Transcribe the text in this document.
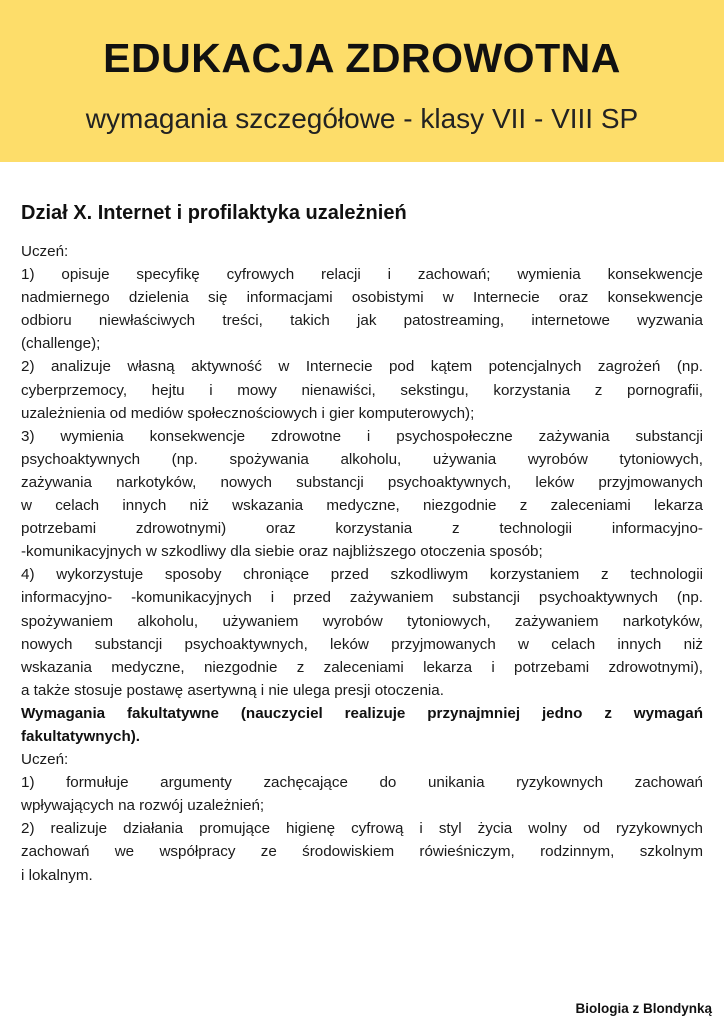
EDUKACJA ZDROWOTNA
wymagania szczegółowe - klasy VII - VIII SP
Dział X. Internet i profilaktyka uzależnień

Uczeń:

1) opisuje specyfikę cyfrowych relacji i zachowań; wymienia konsekwencje

nadmiernego dzielenia się informacjami osobistymi w Internecie oraz konsekwencje

odbioru niewłaściwych treści, takich jak patostreaming, internetowe wyzwania

(challenge);

2) analizuje własną aktywność w Internecie pod kątem potencjalnych zagrożeń (np.

cyberprzemocy, hejtu i mowy nienawiści, sekstingu, korzystania z pornografii,

uzależnienia od mediów społecznościowych i gier komputerowych);

3) wymienia konsekwencje zdrowotne i psychospołeczne zażywania substancji

psychoaktywnych (np. spożywania alkoholu, używania wyrobów tytoniowych,

zażywania narkotyków, nowych substancji psychoaktywnych, leków przyjmowanych

w celach innych niż wskazania medyczne, niezgodnie z zaleceniami lekarza

potrzebami zdrowotnymi) oraz korzystania z technologii informacyjno-

-komunikacyjnych w szkodliwy dla siebie oraz najbliższego otoczenia sposób;

4) wykorzystuje sposoby chroniące przed szkodliwym korzystaniem z technologii

informacyjno- -komunikacyjnych i przed zażywaniem substancji psychoaktywnych (np.

spożywaniem alkoholu, używaniem wyrobów tytoniowych, zażywaniem narkotyków,

nowych substancji psychoaktywnych, leków przyjmowanych w celach innych niż

wskazania medyczne, niezgodnie z zaleceniami lekarza i potrzebami zdrowotnymi),

a także stosuje postawę asertywną i nie ulega presji otoczenia.

Wymagania fakultatywne (nauczyciel realizuje przynajmniej jedno z wymagań

fakultatywnych).

Uczeń:

1) formułuje argumenty zachęcające do unikania ryzykownych zachowań

wpływających na rozwój uzależnień;

2) realizuje działania promujące higienę cyfrową i styl życia wolny od ryzykownych

zachowań we współpracy ze środowiskiem rówieśniczym, rodzinnym, szkolnym

i lokalnym.

Biologia z Blondynką
